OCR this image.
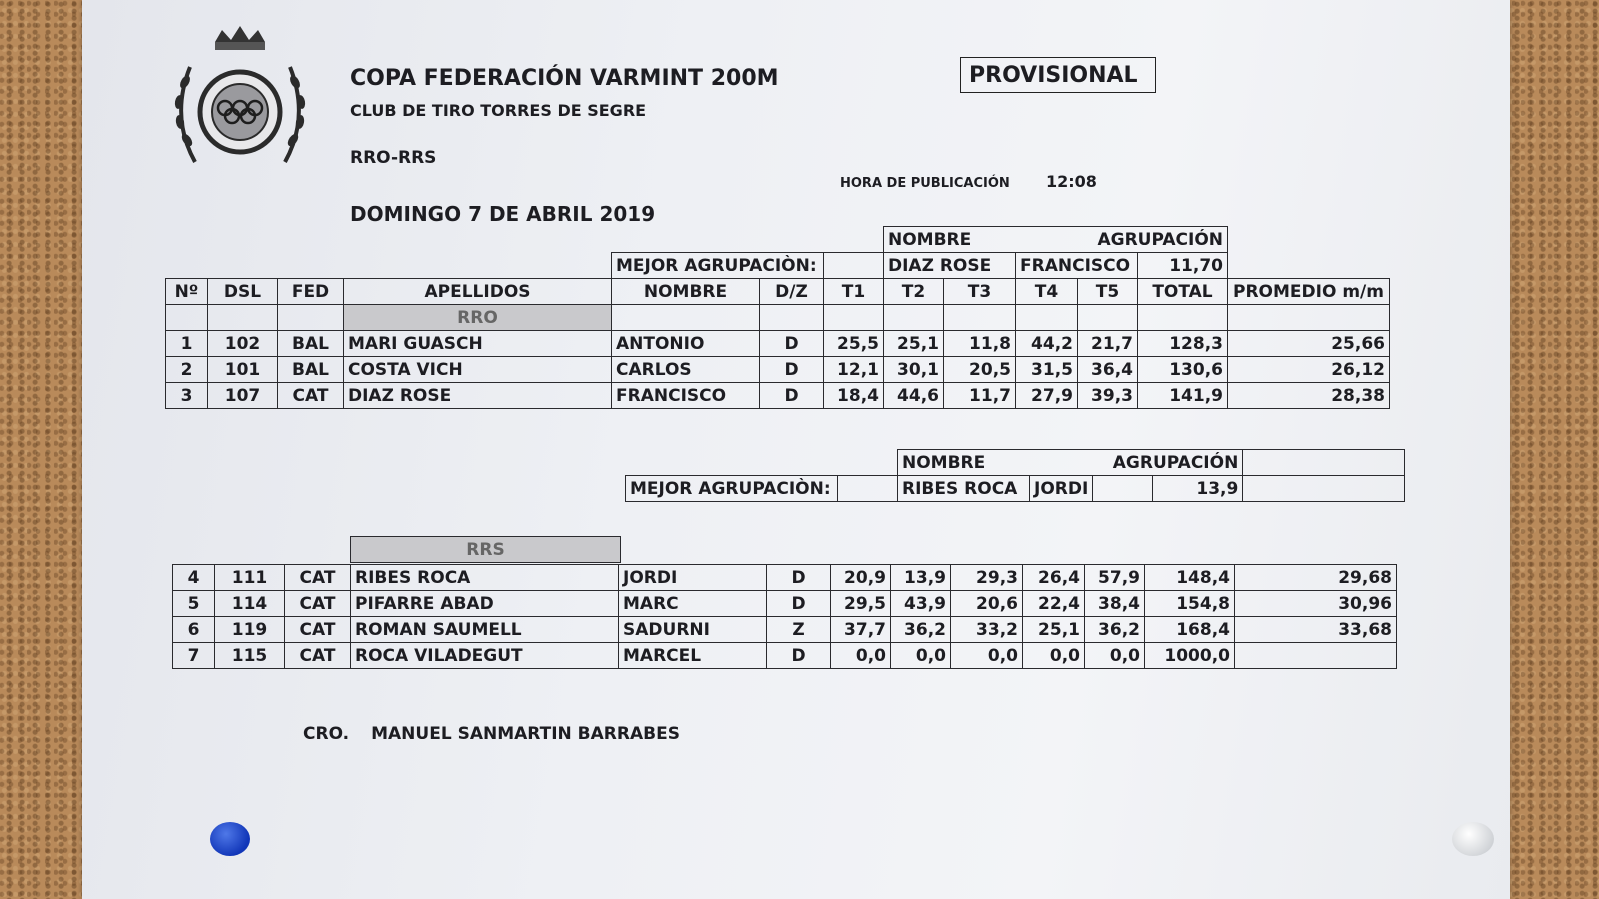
COPA FEDERACIÓN VARMINT 200M
CLUB DE TIRO TORRES DE SEGRE
RRO-RRS
DOMINGO 7 DE ABRIL 2019
PROVISIONAL
HORA DE PUBLICACIÓN 12:08
							NOMBRE		AGRUPACIÓN			
				MEJOR AGRUPACIÒN:			DIAZ ROSE		FRANCISCO		11,70	
Nº	DSL	FED	APELLIDOS	NOMBRE	D/Z	T1	T2	T3	T4	T5	TOTAL	PROMEDIO m/m
			RRO									
1	102	BAL	MARI GUASCH	ANTONIO	D	25,5	25,1	11,8	44,2	21,7	128,3	25,66
2	101	BAL	COSTA VICH	CARLOS	D	12,1	30,1	20,5	31,5	36,4	130,6	26,12
3	107	CAT	DIAZ ROSE	FRANCISCO	D	18,4	44,6	11,7	27,9	39,3	141,9	28,38
		NOMBRE		AGRUPACIÓN		
MEJOR AGRUPACIÒN:		RIBES ROCA	JORDI		13,9	
RRS
4	111	CAT	RIBES ROCA	JORDI	D	20,9	13,9	29,3	26,4	57,9	148,4	29,68
5	114	CAT	PIFARRE ABAD	MARC	D	29,5	43,9	20,6	22,4	38,4	154,8	30,96
6	119	CAT	ROMAN SAUMELL	SADURNI	Z	37,7	36,2	33,2	25,1	36,2	168,4	33,68
7	115	CAT	ROCA VILADEGUT	MARCEL	D	0,0	0,0	0,0	0,0	0,0	1000,0	
CRO. MANUEL SANMARTIN BARRABES
